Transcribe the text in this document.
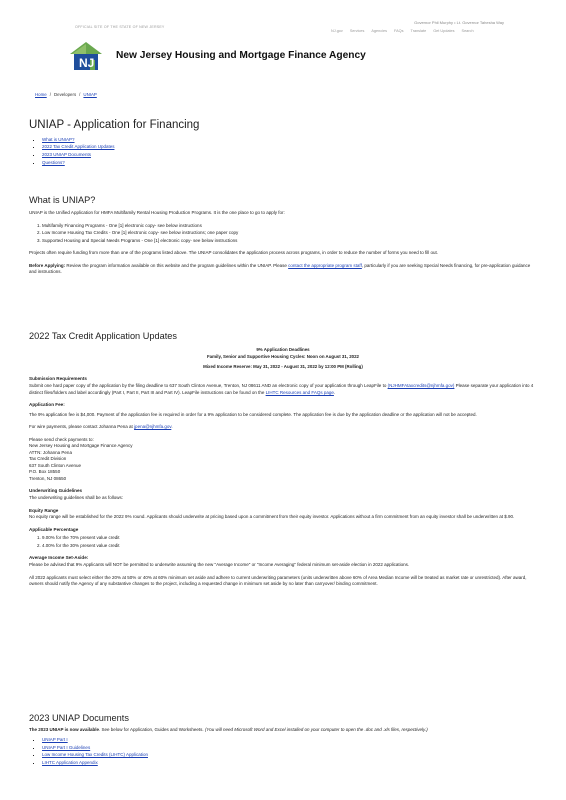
OFFICIAL SITE OF THE STATE OF NEW JERSEY
Governor Phil Murphy • Lt. Governor Tahesha Way
NJ.gov Services Agencies FAQs Translate Get Updates Search
NJ
New Jersey Housing and Mortgage Finance Agency
Home / Developers / UNIAP
UNIAP - Application for Financing
▪ What is UNIAP?
▪ 2022 Tax Credit Application Updates
▪ 2023 UNIAP Documents
▪ Questions?
What is UNIAP?

UNIAP is the Unified Application for HMFA Multifamily Rental Housing Production Programs. It is the one place to go to apply for:

1. Multifamily Financing Programs - One [1] electronic copy- see below instructions
2. Low Income Housing Tax Credits - One [1] electronic copy- see below instructions; one paper copy
3. Supported Housing and Special Needs Programs - One [1] electronic copy- see below instructions

Projects often require funding from more than one of the programs listed above. The UNIAP consolidates the application process across programs, in order to reduce the number of forms you need to fill out.

Before Applying: Review the program information available on this website and the program guidelines within the UNIAP. Please contact the appropriate program staff, particularly if you are seeking Special Needs financing, for pre-application guidance and instructions.

2022 Tax Credit Application Updates
9% Application Deadlines
Family, Senior and Supportive Housing Cycles: Noon on August 31, 2022
Mixed Income Reserve: May 31, 2022 - August 31, 2022 by 12:00 PM (Rolling)
Submission Requirements

Submit one hard paper copy of the application by the filing deadline to 637 South Clinton Avenue, Trenton, NJ 08611 AND an electronic copy of your application through LeapFile to (NJHMFAtaxcredits@njhmfa.gov) Please separate your application into 4 distinct files/folders and label accordingly (Part I, Part II, Part III and Part IV). LeapFile instructions can be found on the LIHTC Resources and FAQs page.

Application Fee:

The 9% application fee is $4,000. Payment of the application fee is required in order for a 9% application to be considered complete. The application fee is due by the application deadline or the application will not be accepted.

For wire payments, please contact Johanna Pena at jpena@njhmfa.gov.

Please send check payments to:
New Jersey Housing and Mortgage Finance Agency
ATTN: Johanna Pena
Tax Credit Division
637 South Clinton Avenue
P.O. Box 18550
Trenton, NJ 08650
Underwriting Guidelines

The underwriting guidelines shall be as follows:

Equity Range

No equity range will be established for the 2022 9% round. Applicants should underwrite at pricing based upon a commitment from their equity investor. Applications without a firm commitment from an equity investor shall be underwritten at $.90.

Applicable Percentage
1. 9.00% for the 70% present value credit
2. 4.00% for the 30% present value credit
Average Income Set-Aside:

Please be advised that 9% Applicants will NOT be permitted to underwrite assuming the new "Average Income" or "Income Averaging" federal minimum set-aside election in 2022 applications.

All 2022 applicants must select either the 20% at 50% or 40% at 60% minimum set aside and adhere to current underwriting parameters (units underwritten above 60% of Area Median Income will be treated as market rate or unrestricted). After award, owners should notify the Agency of any substantive changes to the project, including a requested change in minimum set aside by no later than carryover/ binding commitment.

2023 UNIAP Documents

The 2023 UNIAP is now available. See below for Application, Guides and Worksheets. (You will need Microsoft Word and Excel installed on your computer to open the .doc and .xls files, respectively.)

▪ UNIAP Part I
▪ UNIAP Part I Guidelines
▪ Low Income Housing Tax Credits (LIHTC) Application
▪ LIHTC Application Appendix
